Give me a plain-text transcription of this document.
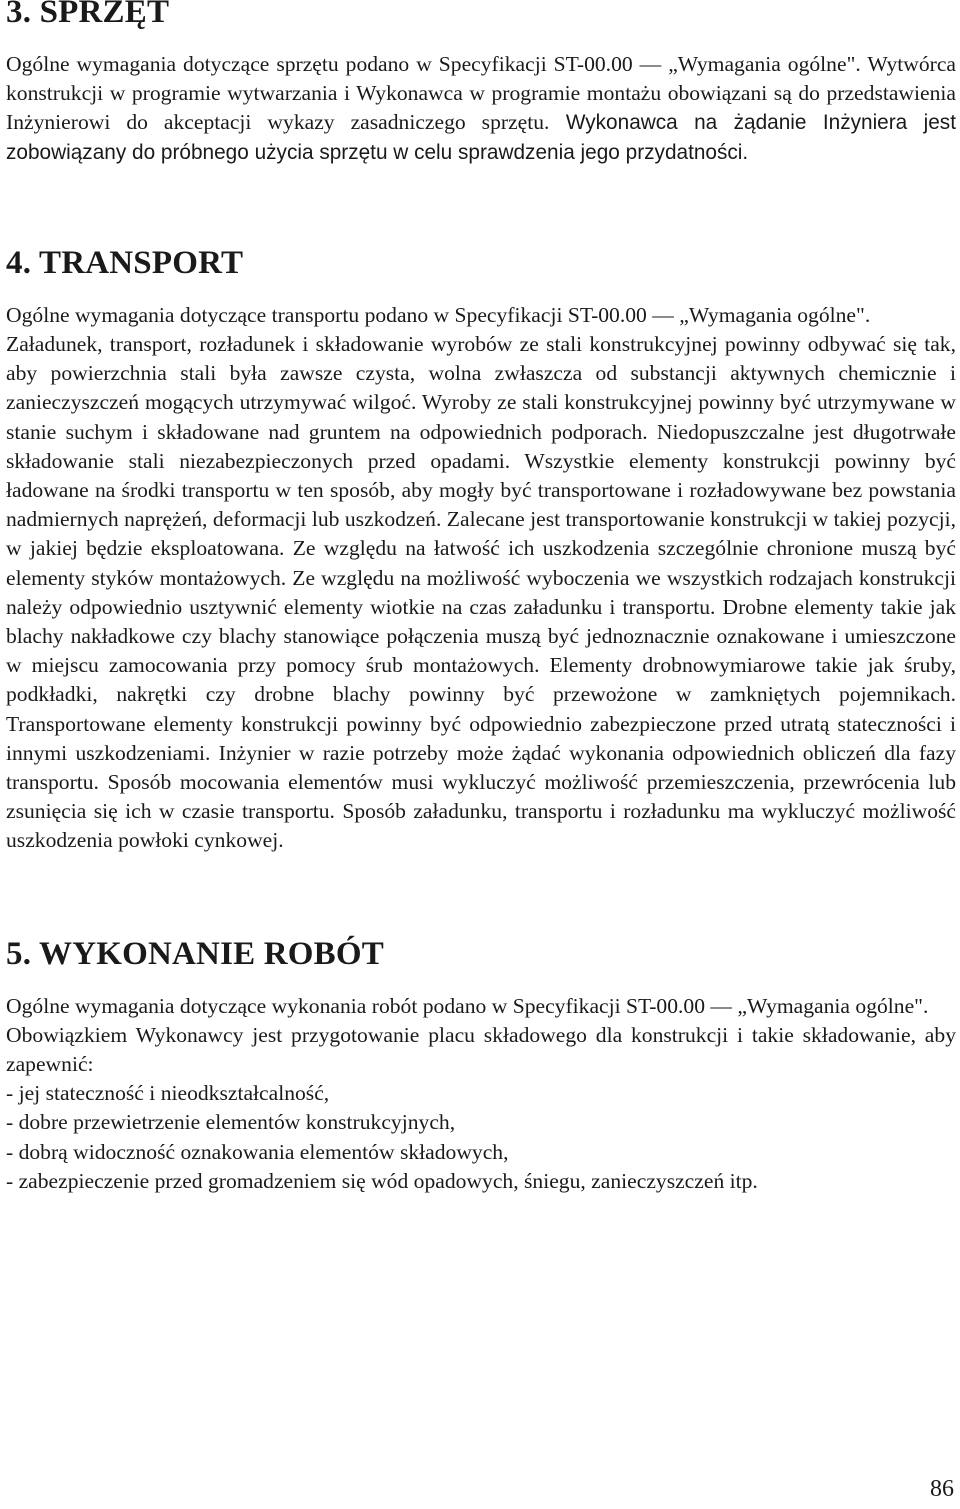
3. SPRZĘT

Ogólne wymagania dotyczące sprzętu podano w Specyfikacji ST-00.00 — „Wymagania ogólne". Wytwórca konstrukcji w programie wytwarzania i Wykonawca w programie montażu obowiązani są do przedstawienia Inżynierowi do akceptacji wykazy zasadniczego sprzętu. Wykonawca na żądanie Inżyniera jest zobowiązany do próbnego użycia sprzętu w celu sprawdzenia jego przydatności.

4. TRANSPORT

Ogólne wymagania dotyczące transportu podano w Specyfikacji ST-00.00 — „Wymagania ogólne".

Załadunek, transport, rozładunek i składowanie wyrobów ze stali konstrukcyjnej powinny odbywać się tak, aby powierzchnia stali była zawsze czysta, wolna zwłaszcza od substancji aktywnych chemicznie i zanieczyszczeń mogących utrzymywać wilgoć. Wyroby ze stali konstrukcyjnej powinny być utrzymywane w stanie suchym i składowane nad gruntem na odpowiednich podporach. Niedopuszczalne jest długotrwałe składowanie stali niezabezpieczonych przed opadami. Wszystkie elementy konstrukcji powinny być ładowane na środki transportu w ten sposób, aby mogły być transportowane i rozładowywane bez powstania nadmiernych naprężeń, deformacji lub uszkodzeń. Zalecane jest transportowanie konstrukcji w takiej pozycji, w jakiej będzie eksploatowana. Ze względu na łatwość ich uszkodzenia szczególnie chronione muszą być elementy styków montażowych. Ze względu na możliwość wyboczenia we wszystkich rodzajach konstrukcji należy odpowiednio usztywnić elementy wiotkie na czas załadunku i transportu. Drobne elementy takie jak blachy nakładkowe czy blachy stanowiące połączenia muszą być jednoznacznie oznakowane i umieszczone w miejscu zamocowania przy pomocy śrub montażowych. Elementy drobnowymiarowe takie jak śruby, podkładki, nakrętki czy drobne blachy powinny być przewożone w zamkniętych pojemnikach. Transportowane elementy konstrukcji powinny być odpowiednio zabezpieczone przed utratą stateczności i innymi uszkodzeniami. Inżynier w razie potrzeby może żądać wykonania odpowiednich obliczeń dla fazy transportu. Sposób mocowania elementów musi wykluczyć możliwość przemieszczenia, przewrócenia lub zsunięcia się ich w czasie transportu. Sposób załadunku, transportu i rozładunku ma wykluczyć możliwość uszkodzenia powłoki cynkowej.

5. WYKONANIE ROBÓT

Ogólne wymagania dotyczące wykonania robót podano w Specyfikacji ST-00.00 — „Wymagania ogólne".

Obowiązkiem Wykonawcy jest przygotowanie placu składowego dla konstrukcji i takie składowanie, aby zapewnić:

- jej stateczność i nieodkształcalność,
- dobre przewietrzenie elementów konstrukcyjnych,
- dobrą widoczność oznakowania elementów składowych,
- zabezpieczenie przed gromadzeniem się wód opadowych, śniegu, zanieczyszczeń itp.
86
